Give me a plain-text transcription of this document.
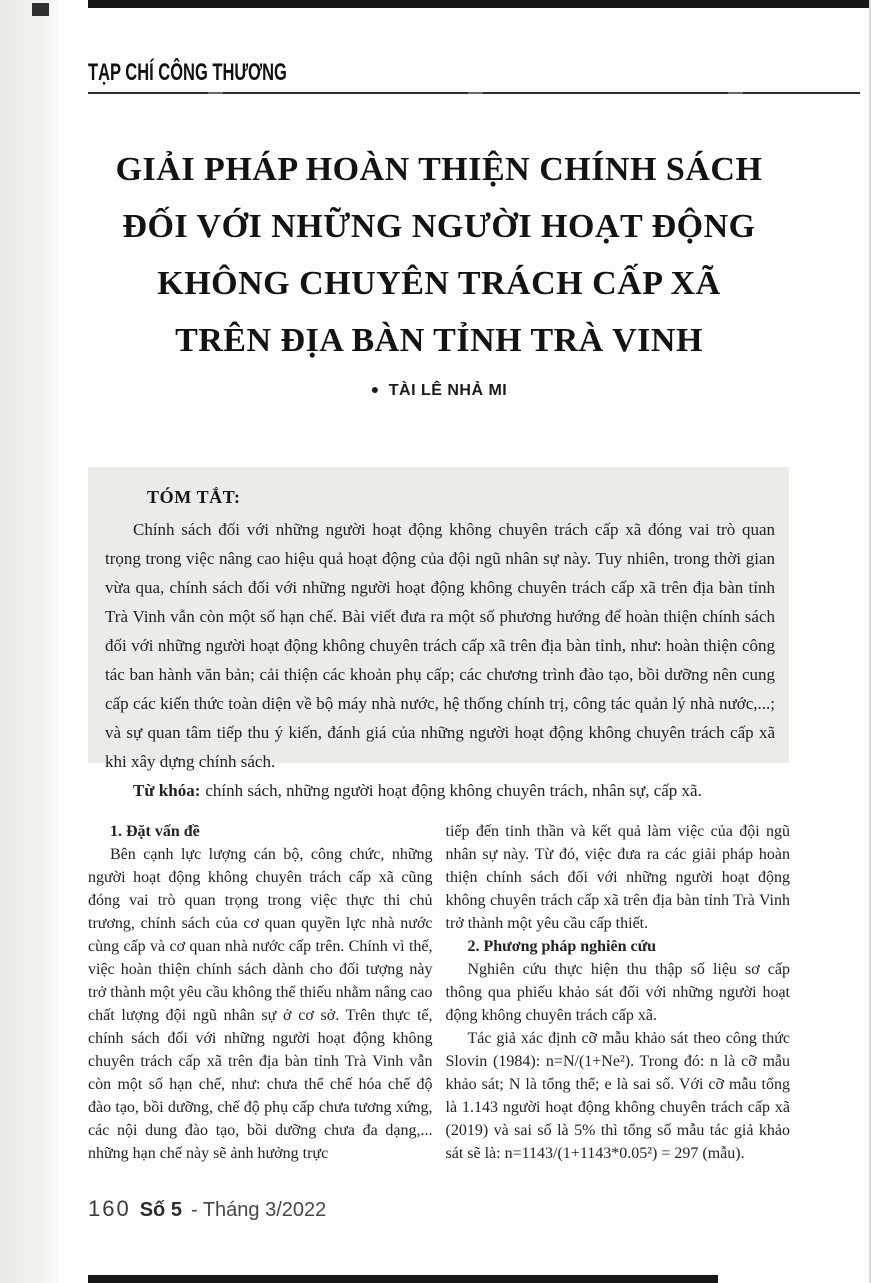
TẠP CHÍ CÔNG THƯƠNG
GIẢI PHÁP HOÀN THIỆN CHÍNH SÁCH
ĐỐI VỚI NHỮNG NGƯỜI HOẠT ĐỘNG
KHÔNG CHUYÊN TRÁCH CẤP XÃ
TRÊN ĐỊA BÀN TỈNH TRÀ VINH
● TÀI LÊ NHẢ MI
TÓM TẮT:
Chính sách đối với những người hoạt động không chuyên trách cấp xã đóng vai trò quan trọng trong việc nâng cao hiệu quả hoạt động của đội ngũ nhân sự này. Tuy nhiên, trong thời gian vừa qua, chính sách đối với những người hoạt động không chuyên trách cấp xã trên địa bàn tỉnh Trà Vinh vẫn còn một số hạn chế. Bài viết đưa ra một số phương hướng để hoàn thiện chính sách đối với những người hoạt động không chuyên trách cấp xã trên địa bàn tỉnh, như: hoàn thiện công tác ban hành văn bản; cải thiện các khoản phụ cấp; các chương trình đào tạo, bồi dưỡng nên cung cấp các kiến thức toàn diện về bộ máy nhà nước, hệ thống chính trị, công tác quản lý nhà nước,...; và sự quan tâm tiếp thu ý kiến, đánh giá của những người hoạt động không chuyên trách cấp xã khi xây dựng chính sách.
Từ khóa: chính sách, những người hoạt động không chuyên trách, nhân sự, cấp xã.

1. Đặt vấn đề

Bên cạnh lực lượng cán bộ, công chức, những người hoạt động không chuyên trách cấp xã cũng đóng vai trò quan trọng trong việc thực thi chủ trương, chính sách của cơ quan quyền lực nhà nước cùng cấp và cơ quan nhà nước cấp trên. Chính vì thế, việc hoàn thiện chính sách dành cho đối tượng này trở thành một yêu cầu không thể thiếu nhằm nâng cao chất lượng đội ngũ nhân sự ở cơ sở. Trên thực tế, chính sách đối với những người hoạt động không chuyên trách cấp xã trên địa bàn tỉnh Trà Vinh vẫn còn một số hạn chế, như: chưa thể chế hóa chế độ đào tạo, bồi dưỡng, chế độ phụ cấp chưa tương xứng, các nội dung đào tạo, bồi dưỡng chưa đa dạng,... những hạn chế này sẽ ảnh hưởng trực

tiếp đến tinh thần và kết quả làm việc của đội ngũ nhân sự này. Từ đó, việc đưa ra các giải pháp hoàn thiện chính sách đối với những người hoạt động không chuyên trách cấp xã trên địa bàn tỉnh Trà Vinh trở thành một yêu cầu cấp thiết.

2. Phương pháp nghiên cứu

Nghiên cứu thực hiện thu thập số liệu sơ cấp thông qua phiếu khảo sát đối với những người hoạt động không chuyên trách cấp xã.

Tác giả xác định cỡ mẫu khảo sát theo công thức Slovin (1984): n=N/(1+Ne²). Trong đó: n là cỡ mẫu khảo sát; N là tổng thể; e là sai số. Với cỡ mẫu tổng là 1.143 người hoạt động không chuyên trách cấp xã (2019) và sai số là 5% thì tổng số mẫu tác giả khảo sát sẽ là: n=1143/(1+1143*0.05²) = 297 (mẫu).

160 Số 5 - Tháng 3/2022
